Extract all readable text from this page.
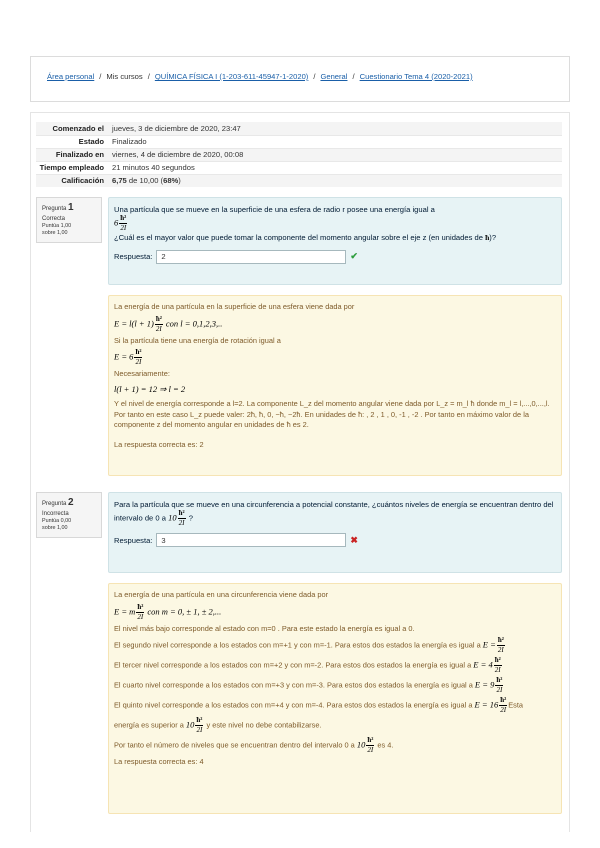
Área personal / Mis cursos / QUÍMICA FÍSICA I (1-203-611-45947-1-2020) / General / Cuestionario Tema 4 (2020-2021)
Comenzado el	jueves, 3 de diciembre de 2020, 23:47
Estado	Finalizado
Finalizado en	viernes, 4 de diciembre de 2020, 00:08
Tiempo empleado	21 minutos 40 segundos
Calificación	6,75 de 10,00 (68%)
Pregunta 1
Correcta
Puntúa 1,00
sobre 1,00
Una partícula que se mueve en la superficie de una esfera de radio r posee una energía igual a
$6 \frac{\text{ħ²}}{2I}$
¿Cuál es el mayor valor que puede tomar la componente del momento angular sobre el eje z (en unidades de ħ)?
Respuesta:
2	✔

La energía de una partícula en la superficie de una esfera viene dada por

$E = l(l + 1) \frac{\text{ħ²}}{2I}$ con l = 0,1,2,3,..

Si la partícula tiene una energía de rotación igual a

$E = 6 \frac{\text{ħ²}}{2I}$

Necesariamente:

l(l + 1) = 12 ⇒ l = 2

Y el nivel de energía corresponde a l=2. La componente L_z del momento angular viene dada por L_z = m_l ħ donde m_l = l,...,0,...,l. Por tanto en este caso L_z puede valer: 2ħ, ħ, 0, −ħ, −2ħ. En unidades de ħ: , 2 , 1 , 0, -1 , -2 . Por tanto en máximo valor de la componente z del momento angular en unidades de ħ es 2.

La respuesta correcta es: 2

Pregunta 2
Incorrecta
Puntúa 0,00
sobre 1,00
Para la partícula que se mueve en una circunferencia a potencial constante, ¿cuántos niveles de energía se encuentran dentro del
intervalo de 0 a $10 \frac{\text{ħ²}}{2I}$ ?
Respuesta:
3	✖

La energía de una partícula en una circunferencia viene dada por

E = m $\frac{\text{ħ²}}{2I}$ con m = 0, ± 1, ± 2,...

El nivel más bajo corresponde al estado con m=0 . Para este estado la energía es igual a 0.

El segundo nivel corresponde a los estados con m=+1 y con m=-1. Para estos dos estados la energía es igual a $E = \frac{\text{ħ²}}{2I}$

El tercer nivel corresponde a los estados con m=+2 y con m=-2. Para estos dos estados la energía es igual a $E = 4 \frac{\text{ħ²}}{2I}$

El cuarto nivel corresponde a los estados con m=+3 y con m=-3. Para estos dos estados la energía es igual a $E = 9 \frac{\text{ħ²}}{2I}$

El quinto nivel corresponde a los estados con m=+4 y con m=-4. Para estos dos estados la energía es igual a $E = 16 \frac{\text{ħ²}}{2I}$ Esta

energía es superior a $10 \frac{\text{ħ²}}{2I}$ y este nivel no debe contabilizarse.

Por tanto el número de niveles que se encuentran dentro del intervalo 0 a $10 \frac{\text{ħ²}}{2I}$ es 4.

La respuesta correcta es: 4
